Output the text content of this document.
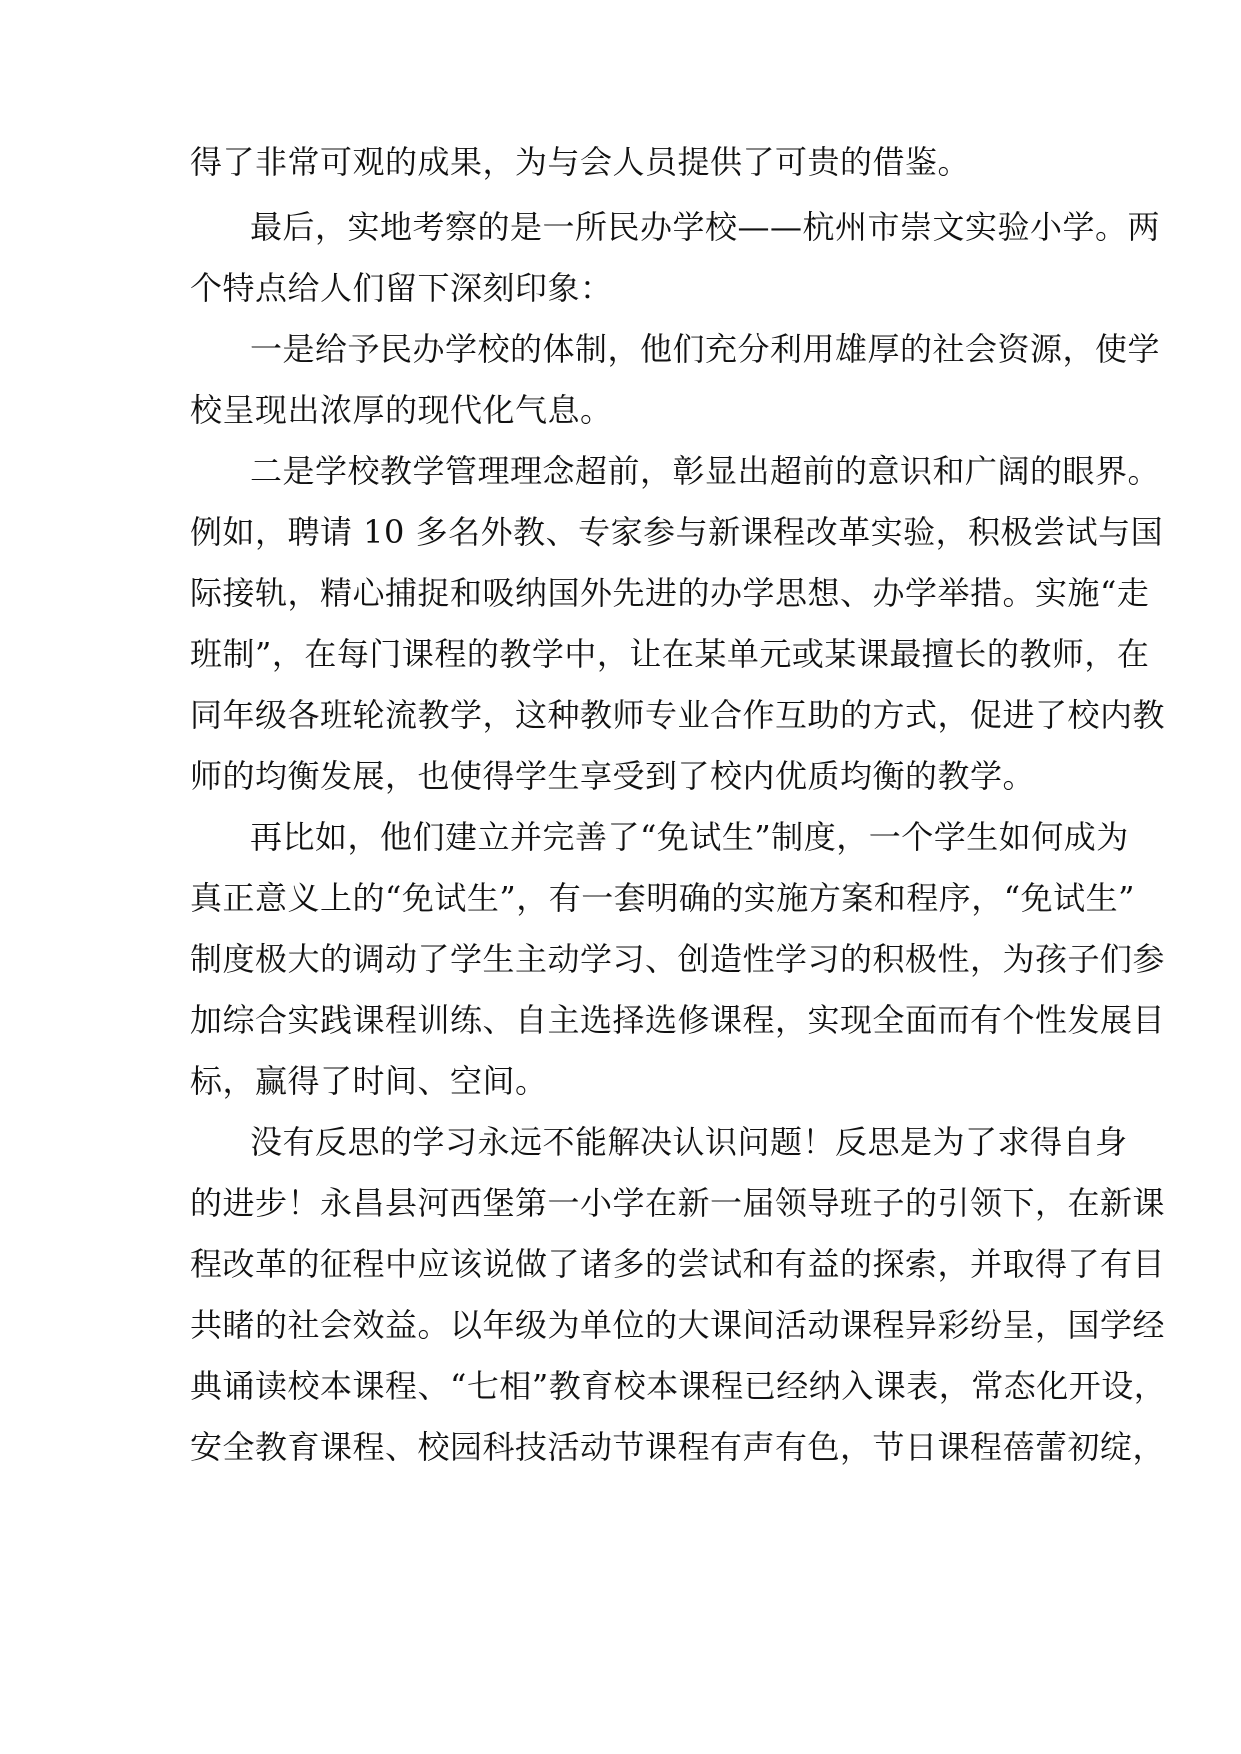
得了非常可观的成果，为与会人员提供了可贵的借鉴。
最后，实地考察的是一所民办学校——杭州市崇文实验小学。两
个特点给人们留下深刻印象：
一是给予民办学校的体制，他们充分利用雄厚的社会资源，使学
校呈现出浓厚的现代化气息。
二是学校教学管理理念超前，彰显出超前的意识和广阔的眼界。
例如，聘请 10 多名外教、专家参与新课程改革实验，积极尝试与国
际接轨，精心捕捉和吸纳国外先进的办学思想、办学举措。实施“走
班制”，在每门课程的教学中，让在某单元或某课最擅长的教师，在
同年级各班轮流教学，这种教师专业合作互助的方式，促进了校内教
师的均衡发展，也使得学生享受到了校内优质均衡的教学。
再比如，他们建立并完善了“免试生”制度，一个学生如何成为
真正意义上的“免试生”，有一套明确的实施方案和程序，“免试生”
制度极大的调动了学生主动学习、创造性学习的积极性，为孩子们参
加综合实践课程训练、自主选择选修课程，实现全面而有个性发展目
标，赢得了时间、空间。
没有反思的学习永远不能解决认识问题！反思是为了求得自身
的进步！永昌县河西堡第一小学在新一届领导班子的引领下，在新课
程改革的征程中应该说做了诸多的尝试和有益的探索，并取得了有目
共睹的社会效益。以年级为单位的大课间活动课程异彩纷呈，国学经
典诵读校本课程、“七相”教育校本课程已经纳入课表，常态化开设，
安全教育课程、校园科技活动节课程有声有色，节日课程蓓蕾初绽，
